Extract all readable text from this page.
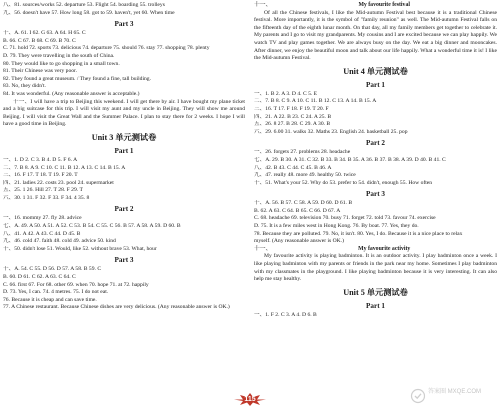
八、81. sources/works 52. departure 53. Flight 54. boarding 55. trolleys
九、56. doesn't have 57. How long 58. got to 59. haven't, yet 60. When time
Part 3
十、A. 61. I 62. G 63. A 64. H 65. C
B. 66. C 67. B 68. C 69. B 70. C
C. 71. hold 72. sports 73. delicious 74. departure 75. should 76. stay 77. shopping 78. plenty
D. 79. They were travelling in the south of China.
80. They would like to go shopping in a small town.
81. Their Chinese was very poor.
82. They found a great museum. / They found a fine, tall building.
83. No, they didn't.
84. It was wonderful. (Any reasonable answer is acceptable.)
十一、I will have a trip to Beijing this weekend. I will get there by air. I have bought my plane ticket and a big suitcase for this trip. I will visit my aunt and my uncle in Beijing. They will show me around Beijing. I will visit the Great Wall and the Summer Palace. I plan to stay there for 2 weeks. I hope I will have a good time in Beijing.
Unit 3 单元测试卷
Part 1
一、1. D 2. C 3. B 4. D 5. F 6. A
二、7. B 8. A 9. C 10. C 11. B 12. A 13. C 14. B 15. A
三、16. F 17. T 18. T 19. F 20. T
四、21. ladies 22. costs 23. pool 24. supermarket
五、25. 1 26. Hill 27. T 28. F 29. T
六、30. 1 31. F 32. F 33. F 34. 4 35. 8
Part 2
一、16. mommy 27. fly 28. advice
七、A. 49. A 50. A 51. A 52. C 53. B 54. C 55. C 56. B 57. A 58. A 59. D 60. B
八、41. A 42. A 43. C 44. D 45. B
九、46. cold 47. faith 48. cold 49. advice 50. kind
十、50. didn't lose 51. Would, like 52. without brave 53. What, hour
Part 3
十、A. 54. C 55. D 56. D 57. A 58. B 59. C
B. 60. D 61. C 62. A 63. C 64. C
C. 66. first 67. For 68. other 69. when 70. hope 71. at 72. happily
D. 73. Yes, I can. 74. 4 metres. 75. I do not eat.
76. Because it is cheap and can save time.
77. A Chinese restaurant. Because Chinese dishes are very delicious. (Any reasonable answer is OK.)
十一、	My favourite festival
Of all the Chinese festivals, I like the Mid-autumn Festival best because it is a traditional Chinese festival. More importantly, it is the symbol of "family reunion" as well. The Mid-autumn Festival falls on the fifteenth day of the eighth lunar month. On that day, all my family members get together to celebrate it. My parents and I go to visit my grandparents. My cousins and I are excited because we can play happily. We watch TV and play games together. We are always busy on the day. We eat a big dinner and mooncakes. After dinner, we enjoy the beautiful moon and talk about our life happily. What a wonderful time it is! I like the Mid-autumn Festival.
Unit 4 单元测试卷
Part 1
一、1. B 2. A 3. D 4. C 5. E
二、7. B 8. C 9. A 10. C 11. B 12. C 13. A 14. B 15. A
三、16. T 17. F 18. F 19. T 20. F
四、21. A 22. B 23. C 24. A 25. B
五、26. 8 27. B 28. C 29. A 30. B
六、29. 6.00 31. walks 32. Maths 23. English 24. basketball 25. pop
Part 2
一、26. forgets 27. problems 28. headache
七、A. 29. B 30. A 31. C 32. B 33. B 34. B 35. A 36. B 37. B 38. A 39. D 40. B 41. C
八、42. B 43. C 44. C 45. B 46. A
九、47. really 48. more 49. healthy 50. twice
十、51. What's your 52. Why do 53. prefer to 54. didn't, enough 55. How often
Part 3
十、A. 56. B 57. C 58. A 59. D 60. D 61. B
B. 62. A 63. C 64. B 65. C 66. D 67. A
C. 68. headache 69. television 70. busy 71. forget 72. told 73. favour 74. exercise
D. 75. It is a few miles west in Hong Kong. 76. By boat. 77. Yes, they do.
78. Because they are polluted. 79. No, it isn't. 80. Yes, I do. Because it is a nice place to relax
myself. (Any reasonable answer is OK.)
十一、	My favourite activity
My favourite activity is playing badminton. It is an outdoor activity. I play badminton once a week. I like playing badminton with my parents or friends in the park near my home. Sometimes I play badminton with my classmates in the playground. I like playing badminton because it is very interesting. It can also help me stay healthy.
Unit 5 单元测试卷
Part 1
一、1. F 2. C 3. A 4. D 6. B
115
答案圈 MXQE.COM
